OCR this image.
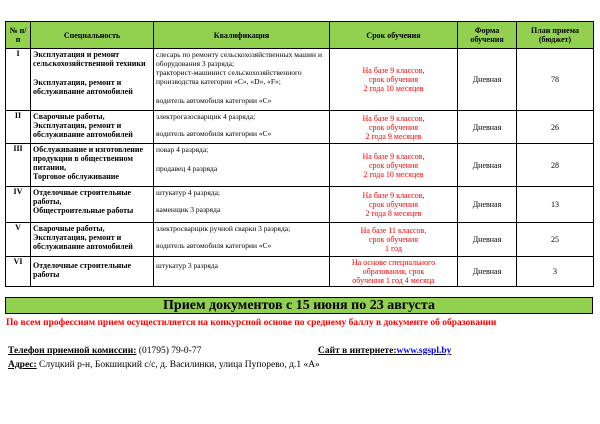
№ п/п	Специальность	Квалификация	Срок обучения	Форма обучения	План приема (бюджет)
I	Эксплуатация и ремонт сельскохозяйственной техники
Эксплуатация, ремонт и обслуживание автомобилей	слесарь по ремонту сельскохозяйственных машин и оборудования 3 разряда;
тракторист-машинист сельскохозяйственного производства категории «С», «D», «F»;
водитель автомобиля категории «С»	На базе 9 классов,
срок обучения
2 года 10 месяцев	Дневная	78
II	Сварочные работы,
Эксплуатация, ремонт и обслуживание автомобилей	электрогазосварщик 4 разряда;
водитель автомобиля категории «С»	На базе 9 классов,
срок обучения
2 года 9 месяцев	Дневная	26
III	Обслуживание и изготовление продукции в общественном питании,
Торговое обслуживание	повар 4 разряда;
продавец 4 разряда	На базе 9 классов,
срок обучения
2 года 10 месяцев	Дневная	28
IV	Отделочные строительные работы,
Общестроительные работы	штукатур 4 разряда;
каменщик 3 разряда	На базе 9 классов,
срок обучения
2 года 8 месяцев	Дневная	13
V	Сварочные работы,
Эксплуатация, ремонт и обслуживание автомобилей	электросварщик ручной сварки 3 разряда;
водитель автомобиля категории «С»	На базе 11 классов,
срок обучения
1 год	Дневная	25
VI	Отделочные строительные работы	штукатур 3 разряда	На основе специального образования, срок
обучения 1 год 4 месяца	Дневная	3
Прием документов с 15 июня по 23 августа
По всем профессиям прием осуществляется на конкурсной основе по среднему баллу в документе об образовании
Телефон приемной комиссии: (01795) 79-0-77	Сайт в интернете:www.sgspl.by
Адрес: Слуцкий р-н, Бокшицкий с/с, д. Василинки, улица Пупорево, д.1 «А»
